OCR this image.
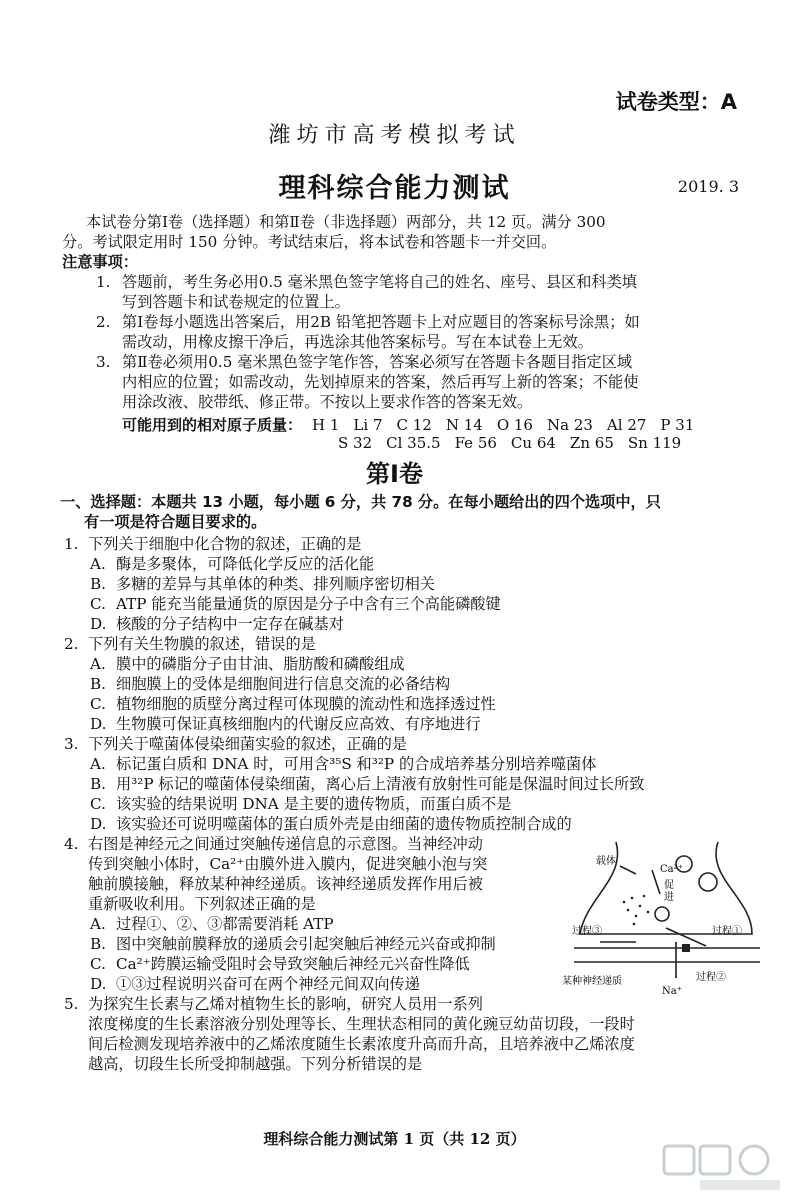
试卷类型：A
潍坊市高考模拟考试
理科综合能力测试	2019. 3
本试卷分第Ⅰ卷（选择题）和第Ⅱ卷（非选择题）两部分，共 12 页。满分 300
分。考试限定用时 150 分钟。考试结束后，将本试卷和答题卡一并交回。
注意事项：
1. 答题前，考生务必用0.5 毫米黑色签字笔将自己的姓名、座号、县区和科类填
写到答题卡和试卷规定的位置上。
2. 第Ⅰ卷每小题选出答案后，用2B 铅笔把答题卡上对应题目的答案标号涂黑；如
需改动，用橡皮擦干净后，再选涂其他答案标号。写在本试卷上无效。
3. 第Ⅱ卷必须用0.5 毫米黑色签字笔作答，答案必须写在答题卡各题目指定区域
内相应的位置；如需改动，先划掉原来的答案，然后再写上新的答案；不能使
用涂改液、胶带纸、修正带。不按以上要求作答的答案无效。
可能用到的相对原子质量： H 1 Li 7 C 12 N 14 O 16 Na 23 Al 27 P 31
S 32 Cl 35.5 Fe 56 Cu 64 Zn 65 Sn 119
第Ⅰ卷
一、选择题：本题共 13 小题，每小题 6 分，共 78 分。在每小题给出的四个选项中，只
有一项是符合题目要求的。
1. 下列关于细胞中化合物的叙述，正确的是
A. 酶是多聚体，可降低化学反应的活化能
B. 多糖的差异与其单体的种类、排列顺序密切相关
C. ATP 能充当能量通货的原因是分子中含有三个高能磷酸键
D. 核酸的分子结构中一定存在碱基对
2. 下列有关生物膜的叙述，错误的是
A. 膜中的磷脂分子由甘油、脂肪酸和磷酸组成
B. 细胞膜上的受体是细胞间进行信息交流的必备结构
C. 植物细胞的质壁分离过程可体现膜的流动性和选择透过性
D. 生物膜可保证真核细胞内的代谢反应高效、有序地进行
3. 下列关于噬菌体侵染细菌实验的叙述，正确的是
A. 标记蛋白质和 DNA 时，可用含³⁵S 和³²P 的合成培养基分别培养噬菌体
B. 用³²P 标记的噬菌体侵染细菌，离心后上清液有放射性可能是保温时间过长所致
C. 该实验的结果说明 DNA 是主要的遗传物质，而蛋白质不是
D. 该实验还可说明噬菌体的蛋白质外壳是由细菌的遗传物质控制合成的
4. 右图是神经元之间通过突触传递信息的示意图。当神经冲动
传到突触小体时，Ca²⁺由膜外进入膜内，促进突触小泡与突
触前膜接触，释放某种神经递质。该神经递质发挥作用后被
重新吸收利用。下列叙述正确的是
A. 过程①、②、③都需要消耗 ATP
B. 图中突触前膜释放的递质会引起突触后神经元兴奋或抑制
C. Ca²⁺跨膜运输受阻时会导致突触后神经元兴奋性降低
D. ①③过程说明兴奋可在两个神经元间双向传递
载体
Ca²⁺
促
进
过程③	过程①
某种神经递质	过程②
Na⁺
5. 为探究生长素与乙烯对植物生长的影响，研究人员用一系列
浓度梯度的生长素溶液分别处理等长、生理状态相同的黄化豌豆幼苗切段，一段时
间后检测发现培养液中的乙烯浓度随生长素浓度升高而升高，且培养液中乙烯浓度
越高，切段生长所受抑制越强。下列分析错误的是
理科综合能力测试第 1 页（共 12 页）
